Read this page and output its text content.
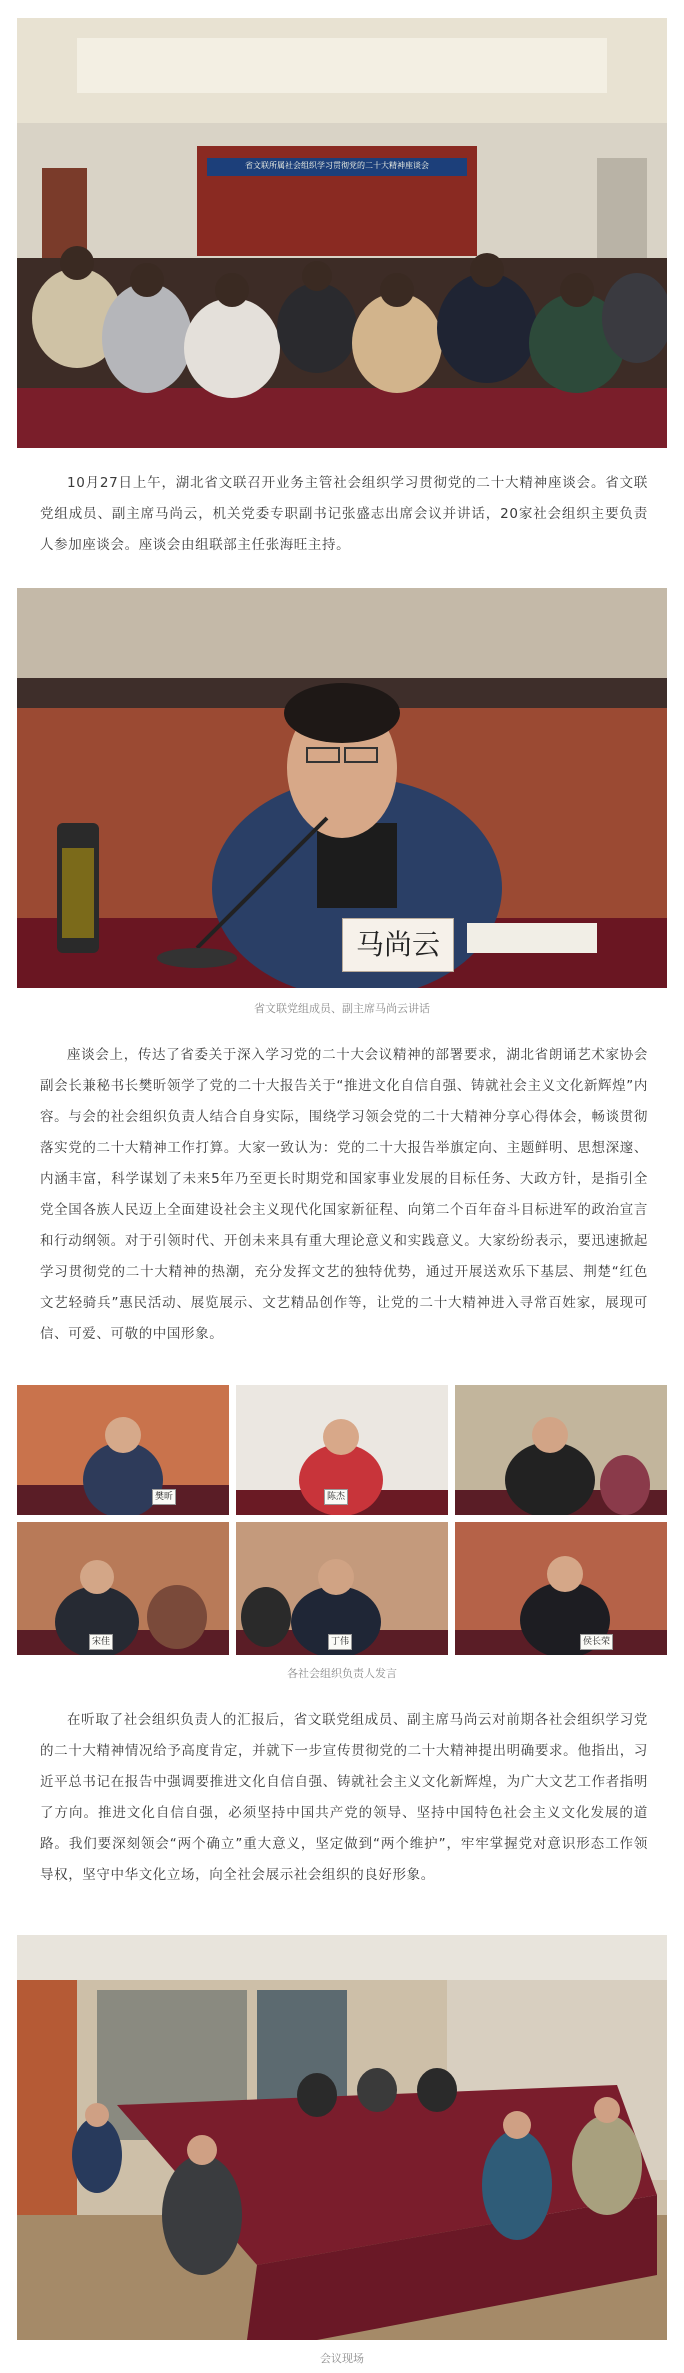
省文联所属社会组织学习贯彻党的二十大精神座谈会

10月27日上午，湖北省文联召开业务主管社会组织学习贯彻党的二十大精神座谈会。省文联党组成员、副主席马尚云，机关党委专职副书记张盛志出席会议并讲话，20家社会组织主要负责人参加座谈会。座谈会由组联部主任张海旺主持。

马尚云
省文联党组成员、副主席马尚云讲话

座谈会上，传达了省委关于深入学习党的二十大会议精神的部署要求，湖北省朗诵艺术家协会副会长兼秘书长樊昕领学了党的二十大报告关于“推进文化自信自强、铸就社会主义文化新辉煌”内容。与会的社会组织负责人结合自身实际，围绕学习领会党的二十大精神分享心得体会，畅谈贯彻落实党的二十大精神工作打算。大家一致认为：党的二十大报告举旗定向、主题鲜明、思想深邃、内涵丰富，科学谋划了未来5年乃至更长时期党和国家事业发展的目标任务、大政方针，是指引全党全国各族人民迈上全面建设社会主义现代化国家新征程、向第二个百年奋斗目标进军的政治宣言和行动纲领。对于引领时代、开创未来具有重大理论意义和实践意义。大家纷纷表示，要迅速掀起学习贯彻党的二十大精神的热潮，充分发挥文艺的独特优势，通过开展送欢乐下基层、荆楚“红色文艺轻骑兵”惠民活动、展览展示、文艺精品创作等，让党的二十大精神进入寻常百姓家，展现可信、可爱、可敬的中国形象。

樊昕	陈杰
宋佳	丁伟	侯长荣
各社会组织负责人发言

在听取了社会组织负责人的汇报后，省文联党组成员、副主席马尚云对前期各社会组织学习党的二十大精神情况给予高度肯定，并就下一步宣传贯彻党的二十大精神提出明确要求。他指出，习近平总书记在报告中强调要推进文化自信自强、铸就社会主义文化新辉煌，为广大文艺工作者指明了方向。推进文化自信自强，必须坚持中国共产党的领导、坚持中国特色社会主义文化发展的道路。我们要深刻领会“两个确立”重大意义，坚定做到“两个维护”，牢牢掌握党对意识形态工作领导权，坚守中华文化立场，向全社会展示社会组织的良好形象。

会议现场
